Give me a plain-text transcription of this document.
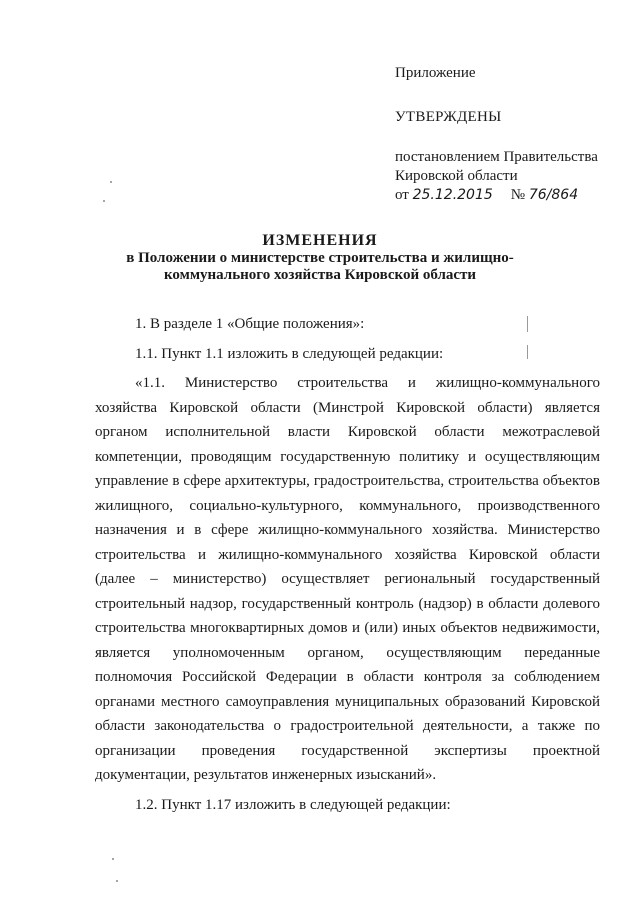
Приложение
УТВЕРЖДЕНЫ
постановлением Правительства
Кировской области
от 25.12.2015 № 76/864
ИЗМЕНЕНИЯ
в Положении о министерстве строительства и жилищно-коммунального хозяйства Кировской области

1. В разделе 1 «Общие положения»:

1.1. Пункт 1.1 изложить в следующей редакции:

«1.1. Министерство строительства и жилищно-коммунального хозяйства Кировской области (Минстрой Кировской области) является органом исполнительной власти Кировской области межотраслевой компетенции, проводящим государственную политику и осуществляющим управление в сфере архитектуры, градостроительства, строительства объектов жилищного, социально-культурного, коммунального, производственного назначения и в сфере жилищно-коммунального хозяйства. Министерство строительства и жилищно-коммунального хозяйства Кировской области (далее – министерство) осуществляет региональный государственный строительный надзор, государственный контроль (надзор) в области долевого строительства многоквартирных домов и (или) иных объектов недвижимости, является уполномоченным органом, осуществляющим переданные полномочия Российской Федерации в области контроля за соблюдением органами местного самоуправления муниципальных образований Кировской области законодательства о градостроительной деятельности, а также по организации проведения государственной экспертизы проектной документации, результатов инженерных изысканий».

1.2. Пункт 1.17 изложить в следующей редакции:
